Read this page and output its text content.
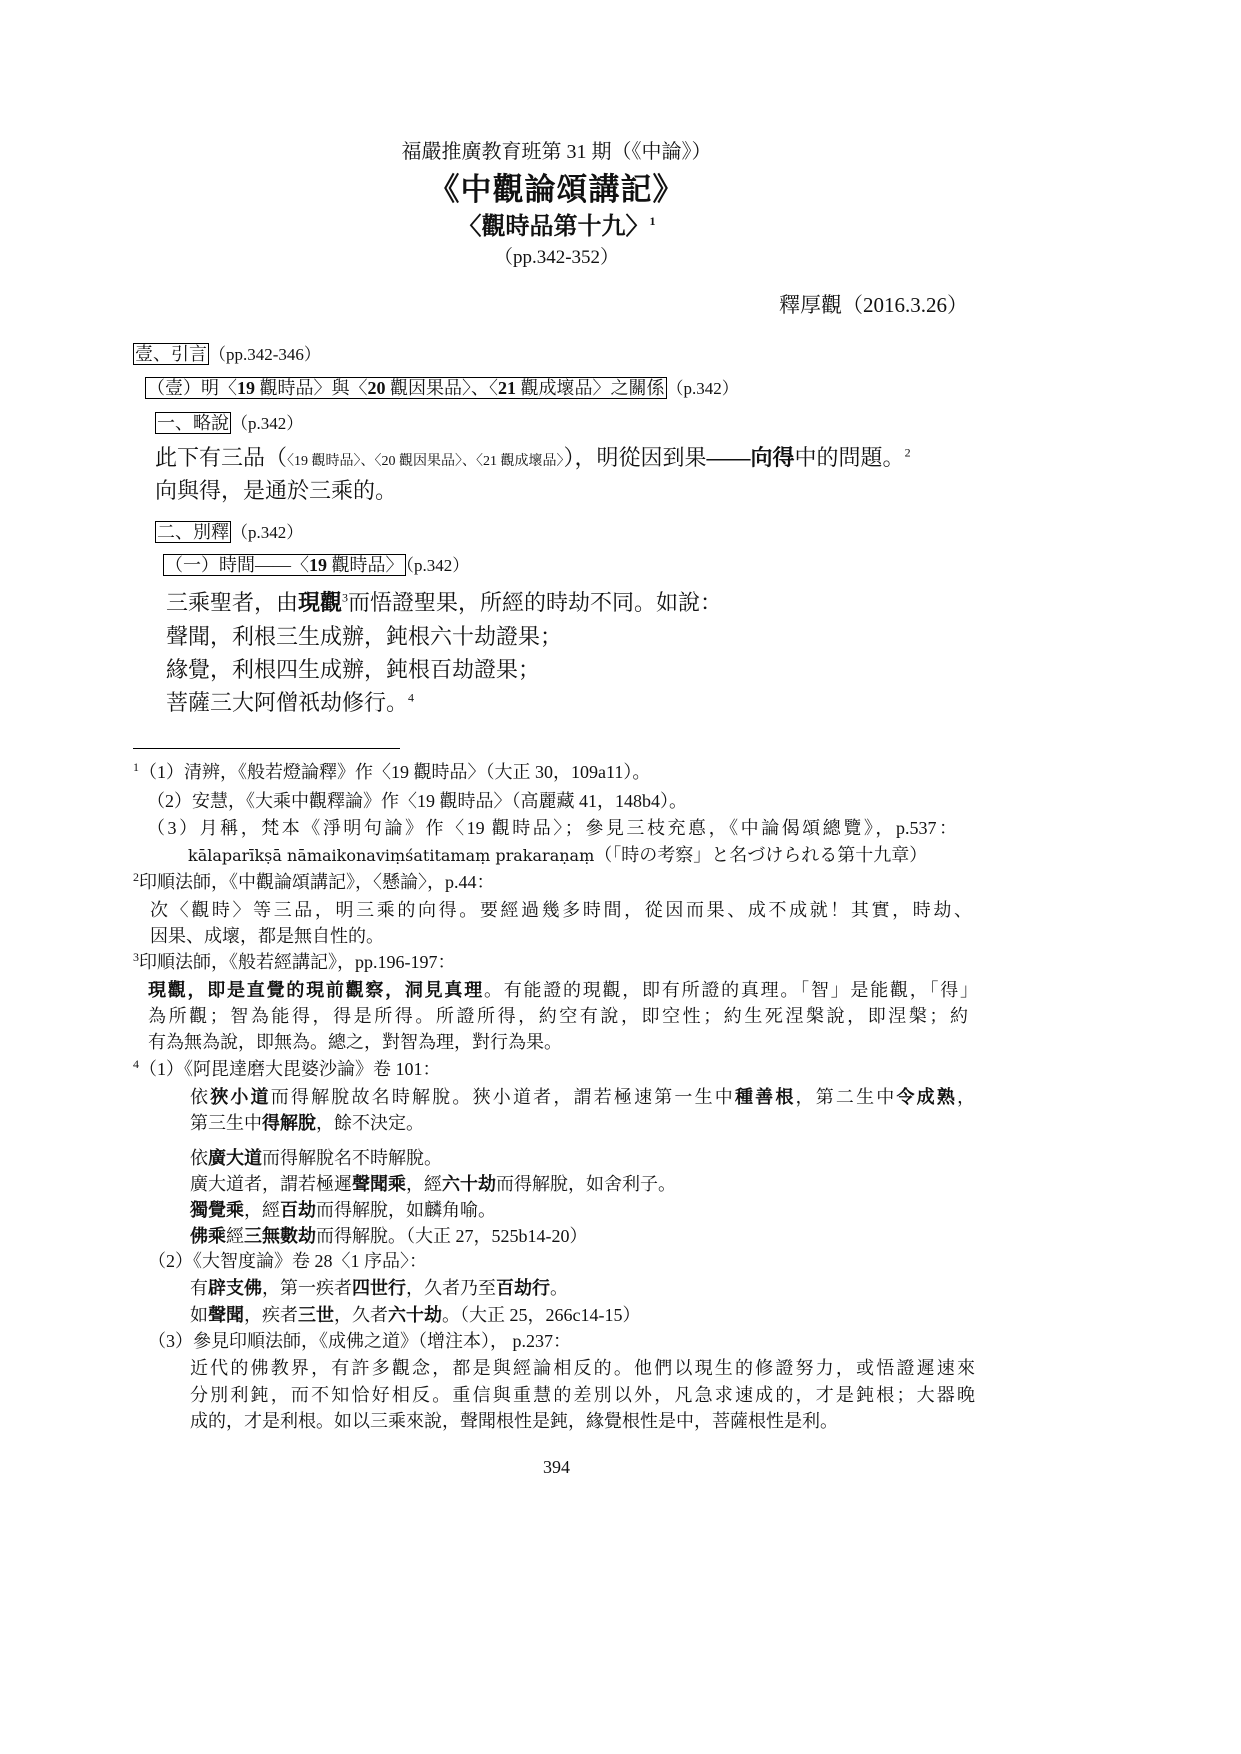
福嚴推廣教育班第 31 期（《中論》）
《中觀論頌講記》
〈觀時品第十九〉$^1$
（pp.342-352）
釋厚觀（2016.3.26）
壹、引言 （pp.342-346）
（壹）明〈19 觀時品〉與〈20 觀因果品〉、〈21 觀成壞品〉之關係 （p.342）
一、略說 （p.342）
此下有三品（〈19 觀時品〉、〈20 觀因果品〉、〈21 觀成壞品〉），明從因到果——向得中的問題。$^2$
向與得，是通於三乘的。
二、別釋 （p.342）
（一）時間——〈19 觀時品〉 （p.342）
三乘聖者，由現觀$^3$而悟證聖果，所經的時劫不同。如說：
聲聞，利根三生成辦，鈍根六十劫證果；
緣覺，利根四生成辦，鈍根百劫證果；
菩薩三大阿僧祇劫修行。$^4$
$^1$（1）清辨，《般若燈論釋》作〈19 觀時品〉（大正 30，109a11）。
（2）安慧，《大乘中觀釋論》作〈19 觀時品〉（高麗藏 41，148b4）。
（3）月稱，梵本《淨明句論》作〈19 觀時品〉；參見三枝充悳，《中論偈頌總覽》，p.537：
kālaparīkṣā nāmaikonaviṃśatitamaṃ prakaraṇaṃ（「時の考察」と名づけられる第十九章）
$^2$印順法師，《中觀論頌講記》，〈懸論〉，p.44：
次〈觀時〉等三品，明三乘的向得。要經過幾多時間，從因而果、成不成就！其實，時劫、
因果、成壞，都是無自性的。
$^3$印順法師，《般若經講記》，pp.196-197：
現觀，即是直覺的現前觀察，洞見真理。有能證的現觀，即有所證的真理。「智」是能觀，「得」
為所觀；智為能得，得是所得。所證所得，約空有說，即空性；約生死涅槃說，即涅槃；約
有為無為說，即無為。總之，對智為理，對行為果。
$^4$（1）《阿毘達磨大毘婆沙論》卷 101：
依狹小道而得解脫故名時解脫。狹小道者，謂若極速第一生中種善根，第二生中令成熟，
第三生中得解脫，餘不決定。
依廣大道而得解脫名不時解脫。
廣大道者，謂若極遲聲聞乘，經六十劫而得解脫，如舍利子。
獨覺乘，經百劫而得解脫，如麟角喻。
佛乘經三無數劫而得解脫。（大正 27，525b14-20）
（2）《大智度論》卷 28〈1 序品〉：
有辟支佛，第一疾者四世行，久者乃至百劫行。
如聲聞，疾者三世，久者六十劫。（大正 25，266c14-15）
（3）參見印順法師，《成佛之道》（增注本）， p.237：
近代的佛教界，有許多觀念，都是與經論相反的。他們以現生的修證努力，或悟證遲速來
分別利鈍，而不知恰好相反。重信與重慧的差別以外，凡急求速成的，才是鈍根；大器晚
成的，才是利根。如以三乘來說，聲聞根性是鈍，緣覺根性是中，菩薩根性是利。
394
